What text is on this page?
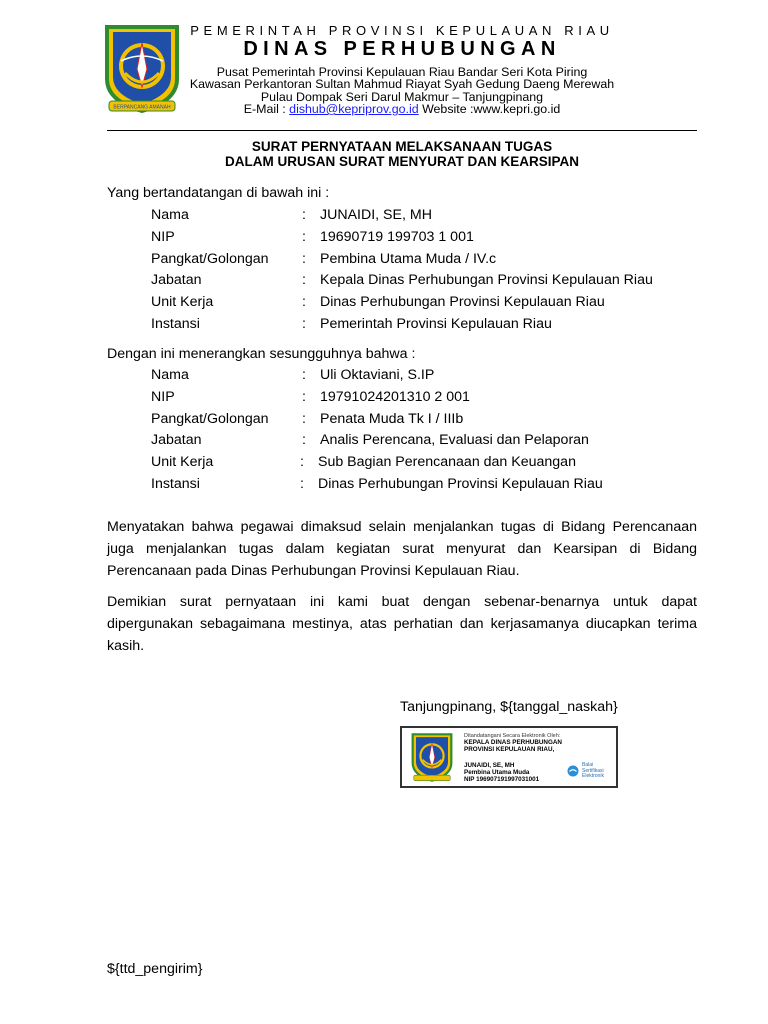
BERPANCANG AMANAH
PEMERINTAH PROVINSI KEPULAUAN RIAU
DINAS PERHUBUNGAN
Pusat Pemerintah Provinsi Kepulauan Riau Bandar Seri Kota Piring
Kawasan Perkantoran Sultan Mahmud Riayat Syah Gedung Daeng Merewah
Pulau Dompak Seri Darul Makmur – Tanjungpinang
E-Mail : dishub@kepriprov.go.id Website :www.kepri.go.id
SURAT PERNYATAAN MELAKSANAAN TUGAS
DALAM URUSAN SURAT MENYURAT DAN KEARSIPAN
Yang bertandatangan di bawah ini :
Nama	: JUNAIDI, SE, MH
NIP	: 19690719 199703 1 001
Pangkat/Golongan : Pembina Utama Muda / IV.c
Jabatan	: Kepala Dinas Perhubungan Provinsi Kepulauan Riau
Unit Kerja	: Dinas Perhubungan Provinsi Kepulauan Riau
Instansi	: Pemerintah Provinsi Kepulauan Riau
Dengan ini menerangkan sesungguhnya bahwa :
Nama	: Uli Oktaviani, S.IP
NIP	: 19791024201310 2 001
Pangkat/Golongan : Penata Muda Tk I / IIIb
Jabatan	: Analis Perencana, Evaluasi dan Pelaporan
Unit Kerja	: Sub Bagian Perencanaan dan Keuangan
Instansi	: Dinas Perhubungan Provinsi Kepulauan Riau
Menyatakan bahwa pegawai dimaksud selain menjalankan tugas di Bidang Perencanaan juga menjalankan tugas dalam kegiatan surat menyurat dan Kearsipan di Bidang Perencanaan pada Dinas Perhubungan Provinsi Kepulauan Riau.
Demikian surat pernyataan ini kami buat dengan sebenar-benarnya untuk dapat dipergunakan sebagaimana mestinya, atas perhatian dan kerjasamanya diucapkan terima kasih.
Tanjungpinang, ${tanggal_naskah}
Ditandatangani Secara Elektronik Oleh:
KEPALA DINAS PERHUBUNGAN
PROVINSI KEPULAUAN RIAU,
JUNAIDI, SE, MH
Pembina Utama Muda
NIP 196907191997031001
Balai
Sertifikasi
Elektronik
${ttd_pengirim}
